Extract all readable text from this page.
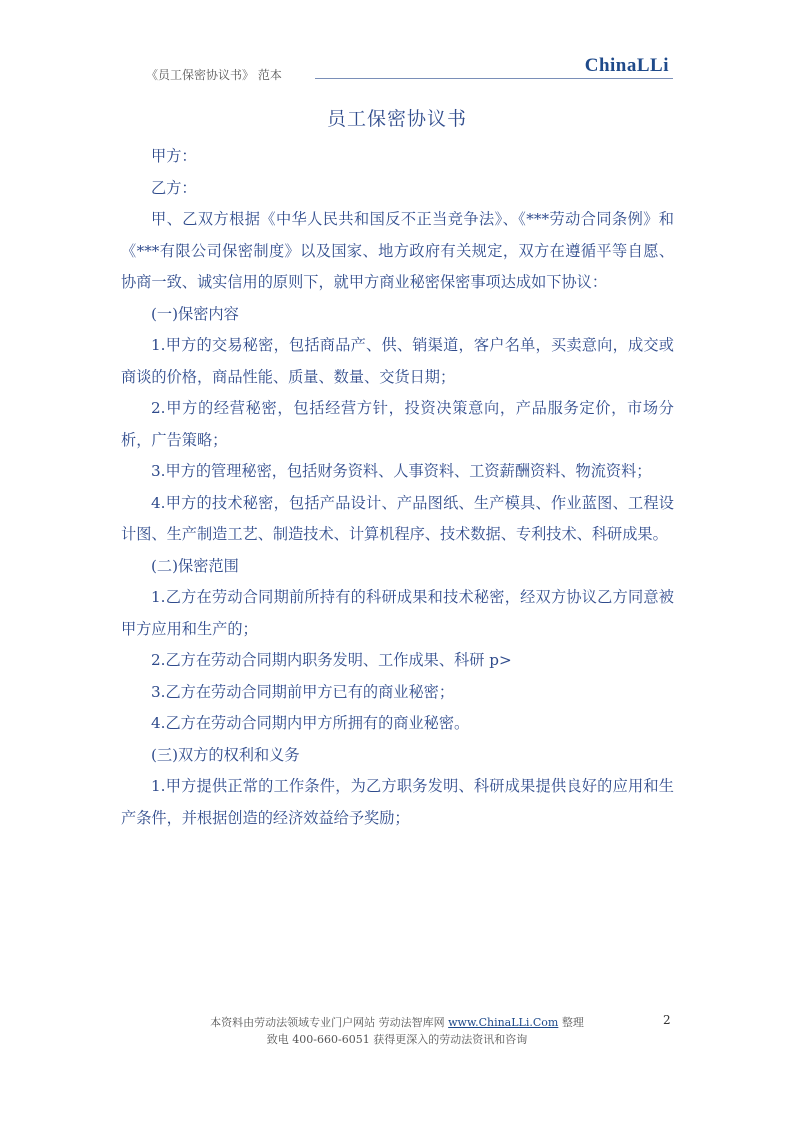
《员工保密协议书》 范本	ChinaLLi
员工保密协议书

甲方：

乙方：

甲、乙双方根据《中华人民共和国反不正当竞争法》、《***劳动合同条例》和《***有限公司保密制度》以及国家、地方政府有关规定，双方在遵循平等自愿、协商一致、诚实信用的原则下，就甲方商业秘密保密事项达成如下协议：

(一)保密内容

1.甲方的交易秘密，包括商品产、供、销渠道，客户名单，买卖意向，成交或商谈的价格，商品性能、质量、数量、交货日期；

2.甲方的经营秘密，包括经营方针，投资决策意向，产品服务定价，市场分析，广告策略；

3.甲方的管理秘密，包括财务资料、人事资料、工资薪酬资料、物流资料；

4.甲方的技术秘密，包括产品设计、产品图纸、生产模具、作业蓝图、工程设计图、生产制造工艺、制造技术、计算机程序、技术数据、专利技术、科研成果。

(二)保密范围

1.乙方在劳动合同期前所持有的科研成果和技术秘密，经双方协议乙方同意被甲方应用和生产的；

2.乙方在劳动合同期内职务发明、工作成果、科研 p>

3.乙方在劳动合同期前甲方已有的商业秘密；

4.乙方在劳动合同期内甲方所拥有的商业秘密。

(三)双方的权利和义务

1.甲方提供正常的工作条件，为乙方职务发明、科研成果提供良好的应用和生产条件，并根据创造的经济效益给予奖励；

本资料由劳动法领域专业门户网站 劳动法智库网 www.ChinaLLi.Com 整理
致电 400-660-6051 获得更深入的劳动法资讯和咨询
2
